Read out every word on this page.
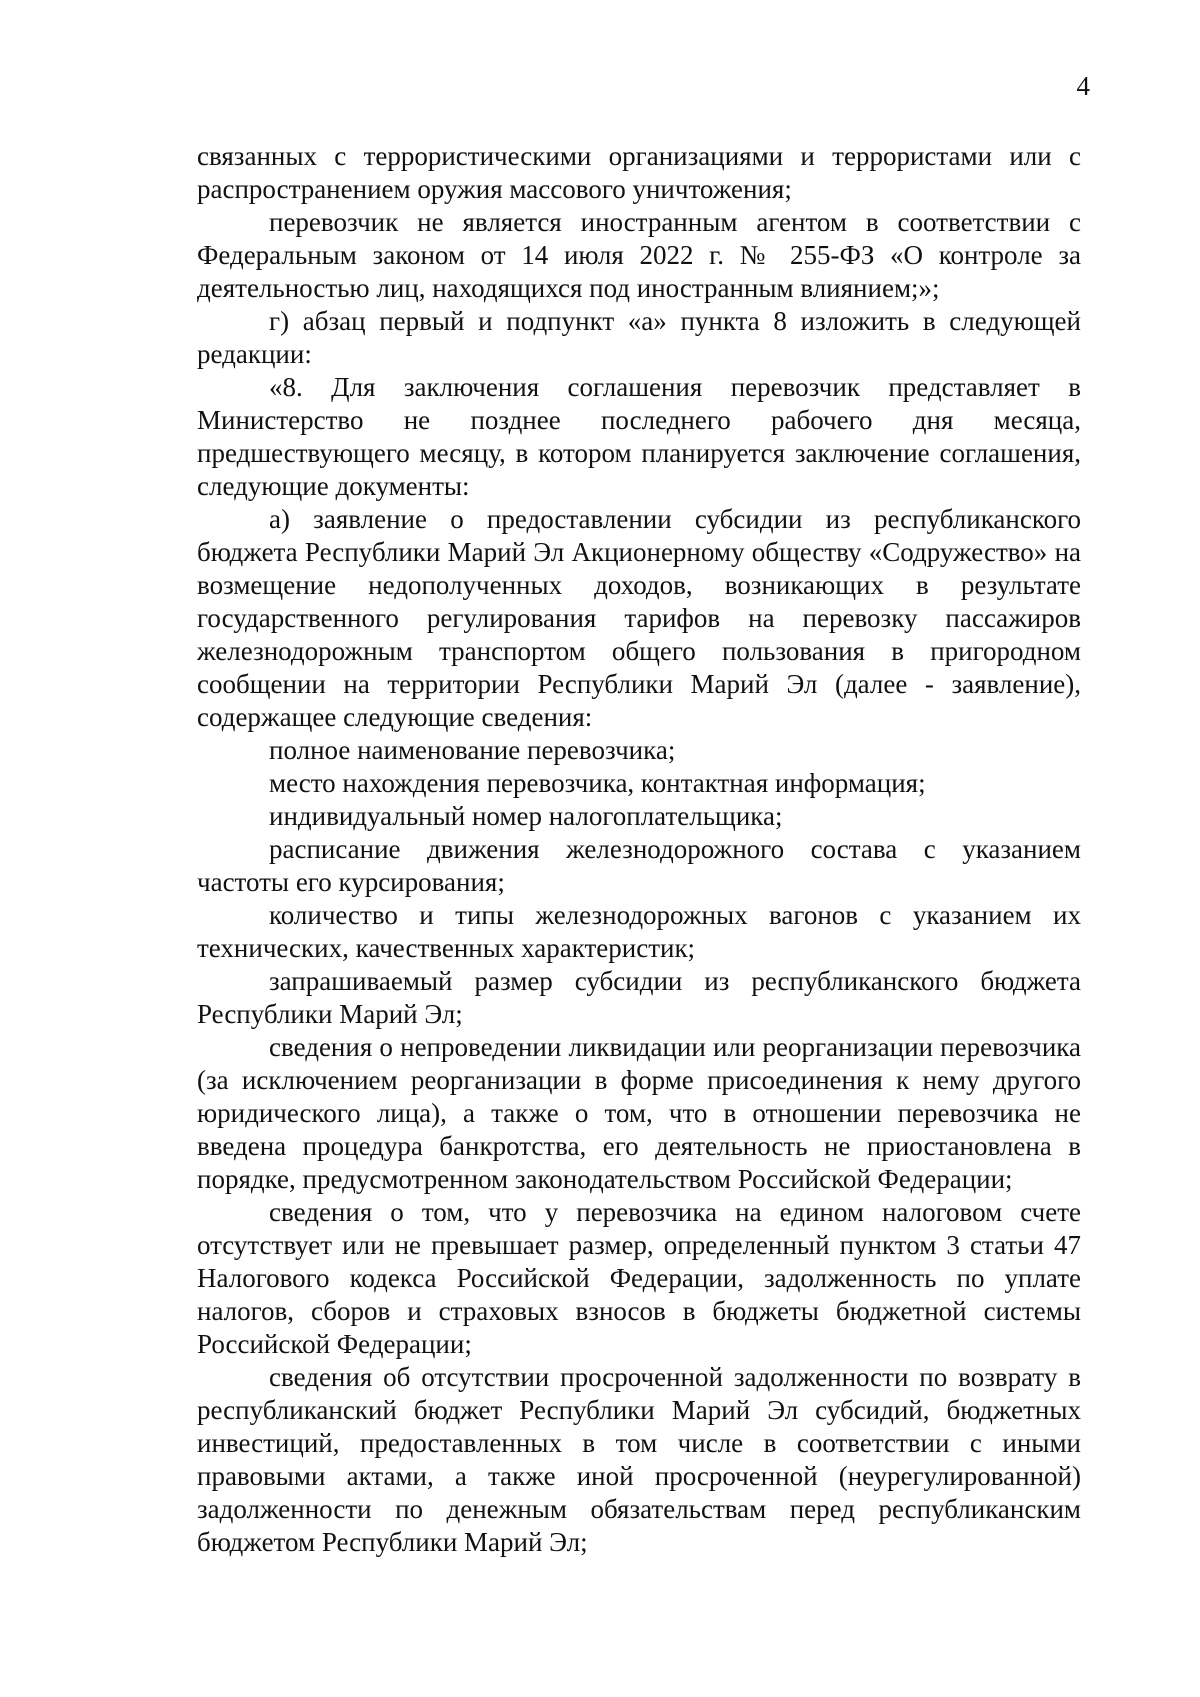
4

связанных с террористическими организациями и террористами или с распространением оружия массового уничтожения;

перевозчик не является иностранным агентом в соответствии с Федеральным законом от 14 июля 2022 г. № 255-ФЗ «О контроле за деятельностью лиц, находящихся под иностранным влиянием;»;

г) абзац первый и подпункт «а» пункта 8 изложить в следующей редакции:

«8. Для заключения соглашения перевозчик представляет в Министерство не позднее последнего рабочего дня месяца, предшествующего месяцу, в котором планируется заключение соглашения, следующие документы:

а) заявление о предоставлении субсидии из республиканского бюджета Республики Марий Эл Акционерному обществу «Содружество» на возмещение недополученных доходов, возникающих в результате государственного регулирования тарифов на перевозку пассажиров железнодорожным транспортом общего пользования в пригородном сообщении на территории Республики Марий Эл (далее - заявление), содержащее следующие сведения:

полное наименование перевозчика;

место нахождения перевозчика, контактная информация;

индивидуальный номер налогоплательщика;

расписание движения железнодорожного состава с указанием частоты его курсирования;

количество и типы железнодорожных вагонов с указанием их технических, качественных характеристик;

запрашиваемый размер субсидии из республиканского бюджета Республики Марий Эл;

сведения о непроведении ликвидации или реорганизации перевозчика (за исключением реорганизации в форме присоединения к нему другого юридического лица), а также о том, что в отношении перевозчика не введена процедура банкротства, его деятельность не приостановлена в порядке, предусмотренном законодательством Российской Федерации;

сведения о том, что у перевозчика на едином налоговом счете отсутствует или не превышает размер, определенный пунктом 3 статьи 47 Налогового кодекса Российской Федерации, задолженность по уплате налогов, сборов и страховых взносов в бюджеты бюджетной системы Российской Федерации;

сведения об отсутствии просроченной задолженности по возврату в республиканский бюджет Республики Марий Эл субсидий, бюджетных инвестиций, предоставленных в том числе в соответствии с иными правовыми актами, а также иной просроченной (неурегулированной) задолженности по денежным обязательствам перед республиканским бюджетом Республики Марий Эл;
